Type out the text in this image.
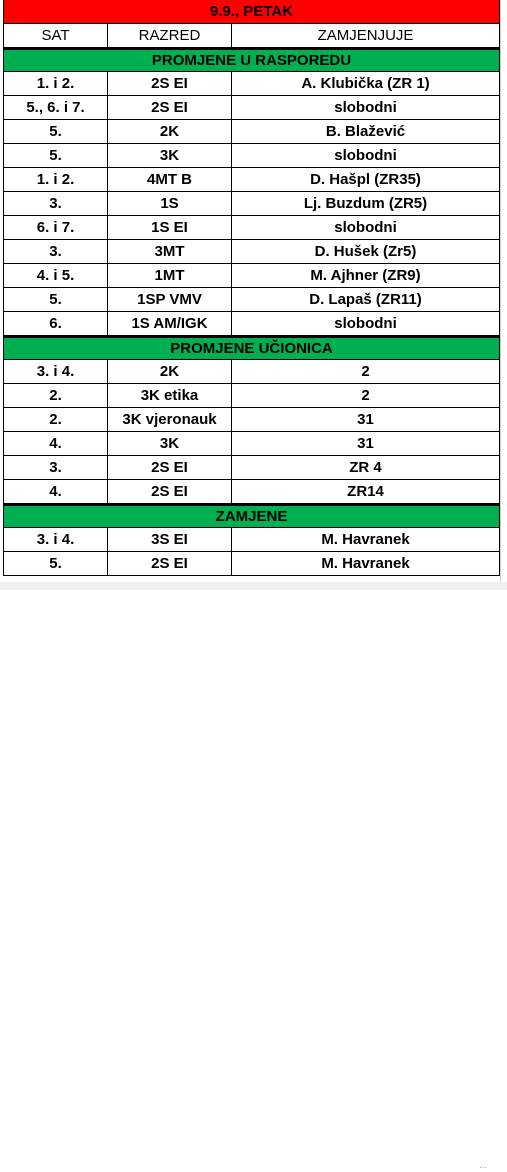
9.9., PETAK
SAT	RAZRED	ZAMJENJUJE
PROMJENE U RASPOREDU
1. i 2.	2S EI	A. Klubička (ZR 1)
5., 6. i 7.	2S EI	slobodni
5.	2K	B. Blažević
5.	3K	slobodni
1. i 2.	4MT B	D. Hašpl (ZR35)
3.	1S	Lj. Buzdum (ZR5)
6. i 7.	1S EI	slobodni
3.	3MT	D. Hušek (Zr5)
4. i 5.	1MT	M. Ajhner (ZR9)
5.	1SP VMV	D. Lapaš (ZR11)
6.	1S AM/IGK	slobodni
PROMJENE UČIONICA
3. i 4.	2K	2
2.	3K etika	2
2.	3K vjeronauk	31
4.	3K	31
3.	2S EI	ZR 4
4.	2S EI	ZR14
ZAMJENE
3. i 4.	3S EI	M. Havranek
5.	2S EI	M. Havranek
⋯
